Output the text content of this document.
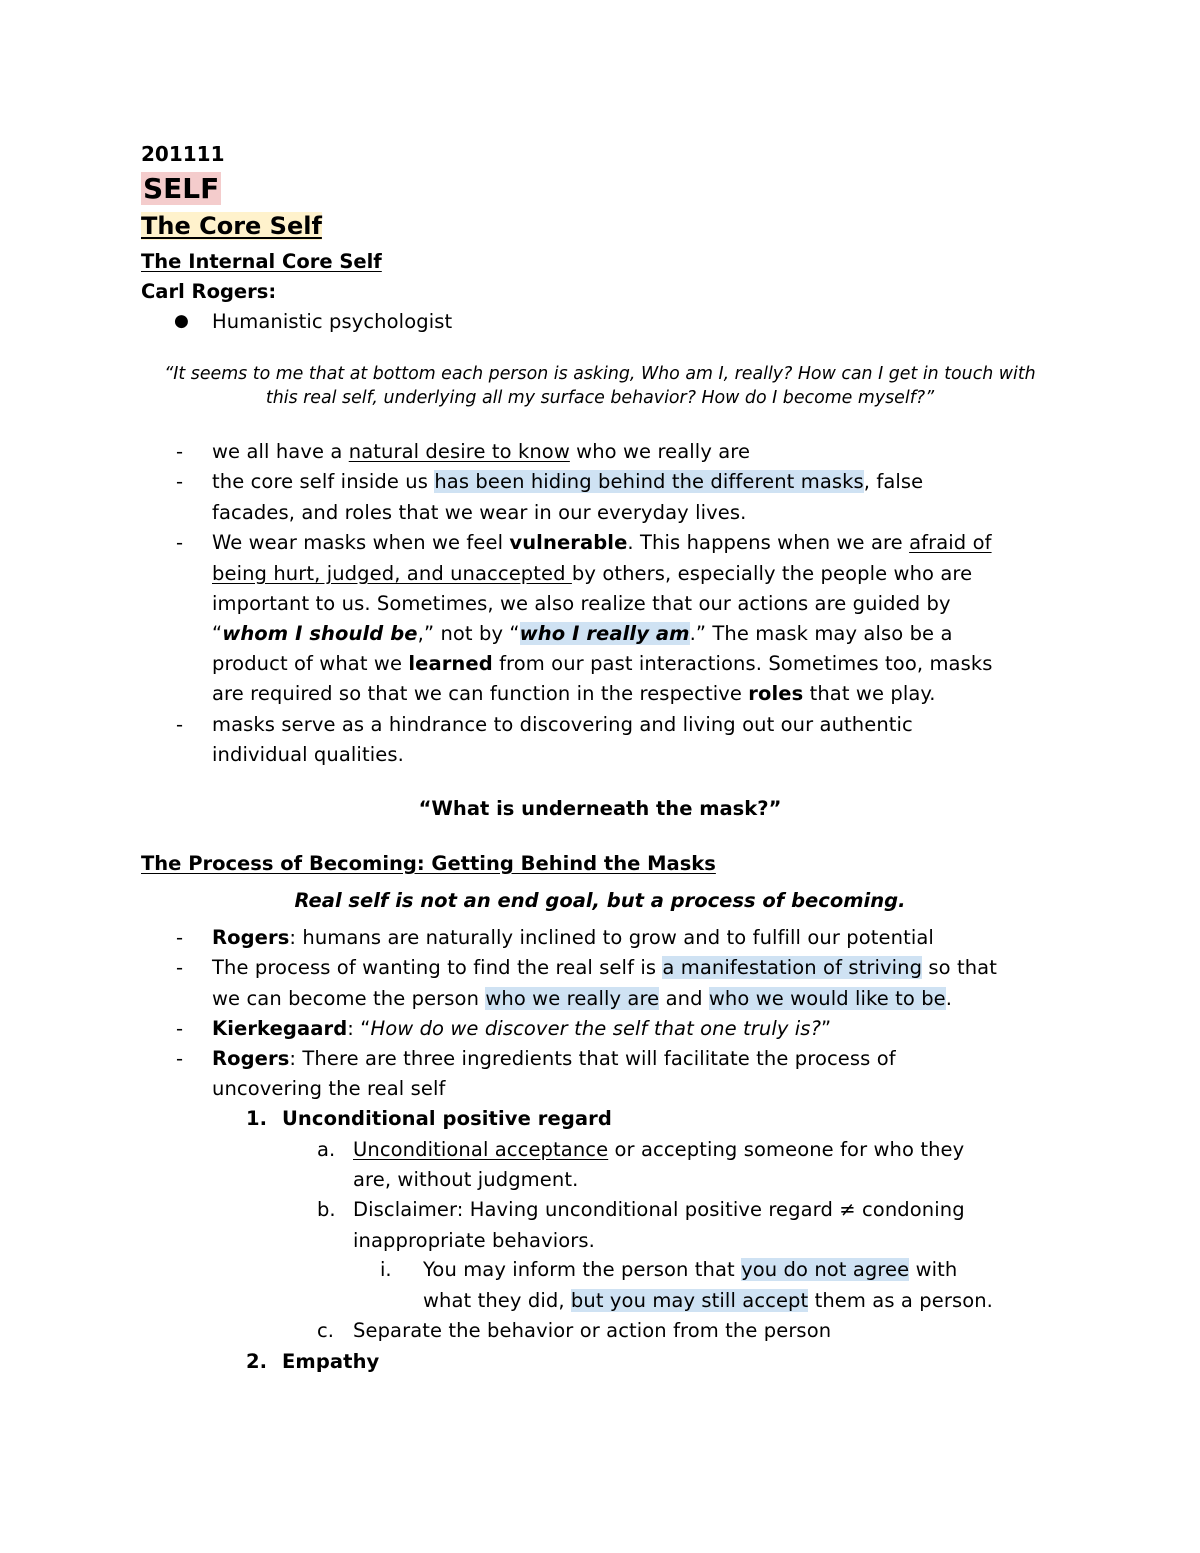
201111
SELF
The Core Self
The Internal Core Self
Carl Rogers:
● Humanistic psychologist
“It seems to me that at bottom each person is asking, Who am I, really? How can I get in touch with
this real self, underlying all my surface behavior? How do I become myself?”
- we all have a natural desire to know who we really are
- the core self inside us has been hiding behind the different masks, false
facades, and roles that we wear in our everyday lives.
- We wear masks when we feel vulnerable. This happens when we are afraid of
being hurt, judged, and unaccepted by others, especially the people who are
important to us. Sometimes, we also realize that our actions are guided by
“whom I should be,” not by “who I really am.” The mask may also be a
product of what we learned from our past interactions. Sometimes too, masks
are required so that we can function in the respective roles that we play.
- masks serve as a hindrance to discovering and living out our authentic
individual qualities.
“What is underneath the mask?”
The Process of Becoming: Getting Behind the Masks
Real self is not an end goal, but a process of becoming.
- Rogers: humans are naturally inclined to grow and to fulfill our potential
- The process of wanting to find the real self is a manifestation of striving so that
we can become the person who we really are and who we would like to be.
- Kierkegaard: “How do we discover the self that one truly is?”
- Rogers: There are three ingredients that will facilitate the process of
uncovering the real self
1. Unconditional positive regard
a. Unconditional acceptance or accepting someone for who they
are, without judgment.
b. Disclaimer: Having unconditional positive regard ≠ condoning
inappropriate behaviors.
i. You may inform the person that you do not agree with
what they did, but you may still accept them as a person.
c. Separate the behavior or action from the person
2. Empathy
